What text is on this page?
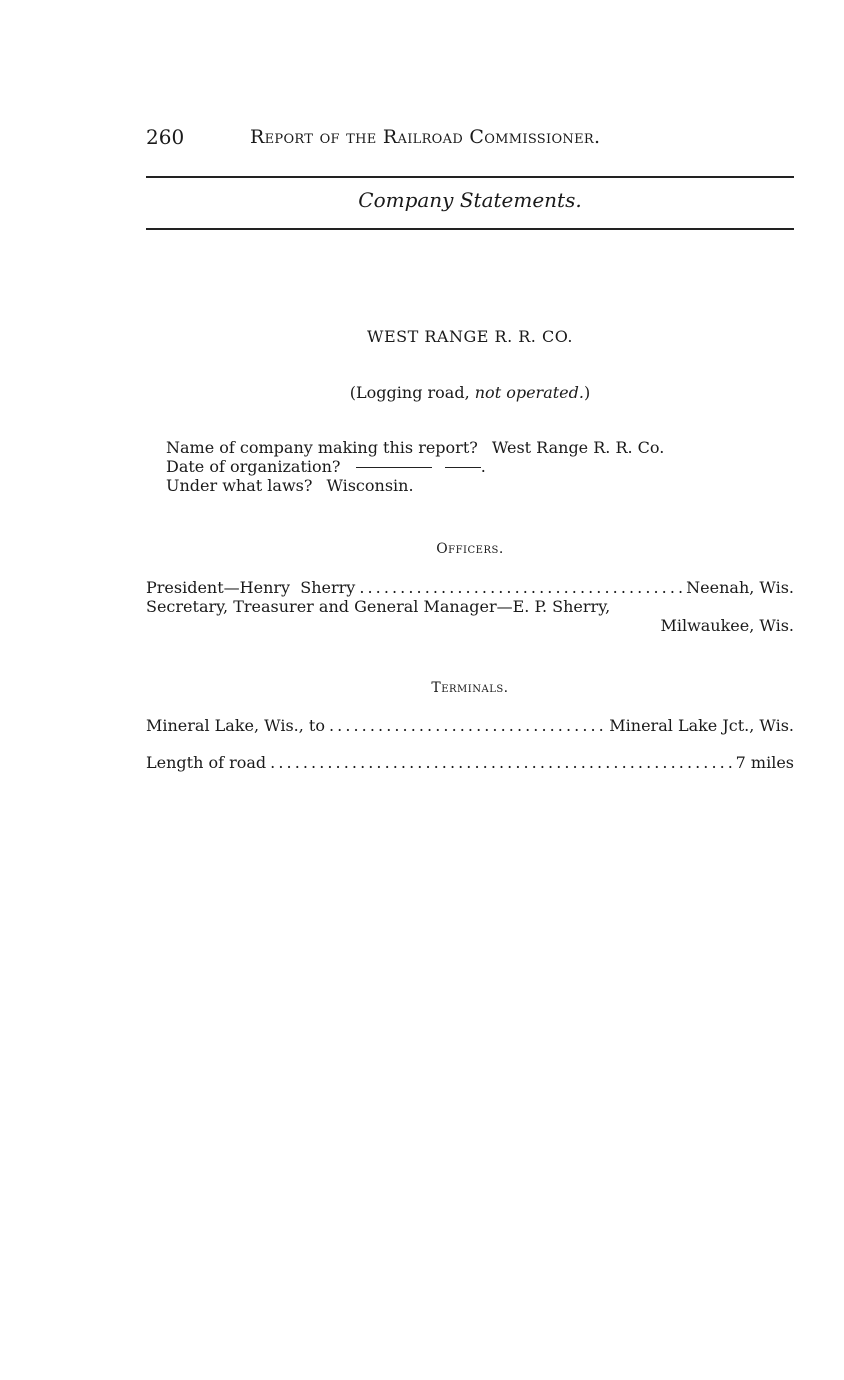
260	Report of the Railroad Commissioner.
Company Statements.
WEST RANGE R. R. CO.
(Logging road, not operated.)
Name of company making this report? West Range R. R. Co.
Date of organization?	.
Under what laws? Wisconsin.
Officers.
President—Henry  Sherry . . .	Neenah, Wis.
Secretary, Treasurer and General Manager—E. P. Sherry,
Milwaukee, Wis.
Terminals.
Mineral Lake, Wis., to . . .	Mineral Lake Jct., Wis.
Length of road . . .	7 miles
